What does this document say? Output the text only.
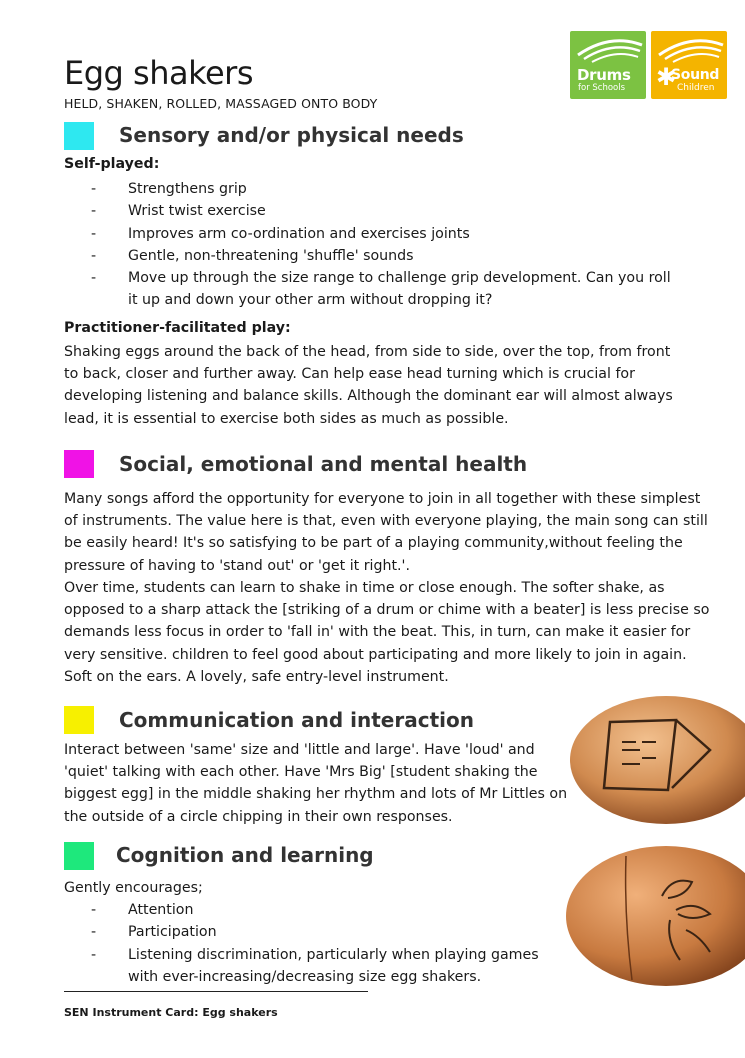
Egg shakers
HELD, SHAKEN, ROLLED, MASSAGED ONTO BODY
Drums
for Schools ✱
Sound
Children
Sensory and/or physical needs
Self-played:
- Strengthens grip
- Wrist twist exercise
- Improves arm co-ordination and exercises joints
- Gentle, non-threatening 'shuffle' sounds
- Move up through the size range to challenge grip development. Can you roll it up and down your other arm without dropping it?
Practitioner-facilitated play:
Shaking eggs around the back of the head, from side to side, over the top, from front to back, closer and further away. Can help ease head turning which is crucial for developing listening and balance skills. Although the dominant ear will almost always lead, it is essential to exercise both sides as much as possible.
Social, emotional and mental health
Many songs afford the opportunity for everyone to join in all together with these simplest of instruments. The value here is that, even with everyone playing, the main song can still be easily heard! It's so satisfying to be part of a playing community,without feeling the pressure of having to 'stand out' or 'get it right.'.
Over time, students can learn to shake in time or close enough. The softer shake, as opposed to a sharp attack the [striking of a drum or chime with a beater] is less precise so demands less focus in order to 'fall in' with the beat. This, in turn, can make it easier for very sensitive. children to feel good about participating and more likely to join in again. Soft on the ears. A lovely, safe entry-level instrument.
Communication and interaction
Interact between 'same' size and 'little and large'. Have 'loud' and 'quiet' talking with each other. Have 'Mrs Big' [student shaking the biggest egg] in the middle shaking her rhythm and lots of Mr Littles on the outside of a circle chipping in their own responses.
Cognition and learning
Gently encourages;
- Attention
- Participation
- Listening discrimination, particularly when playing games with ever-increasing/decreasing size egg shakers.
SEN Instrument Card: Egg shakers
